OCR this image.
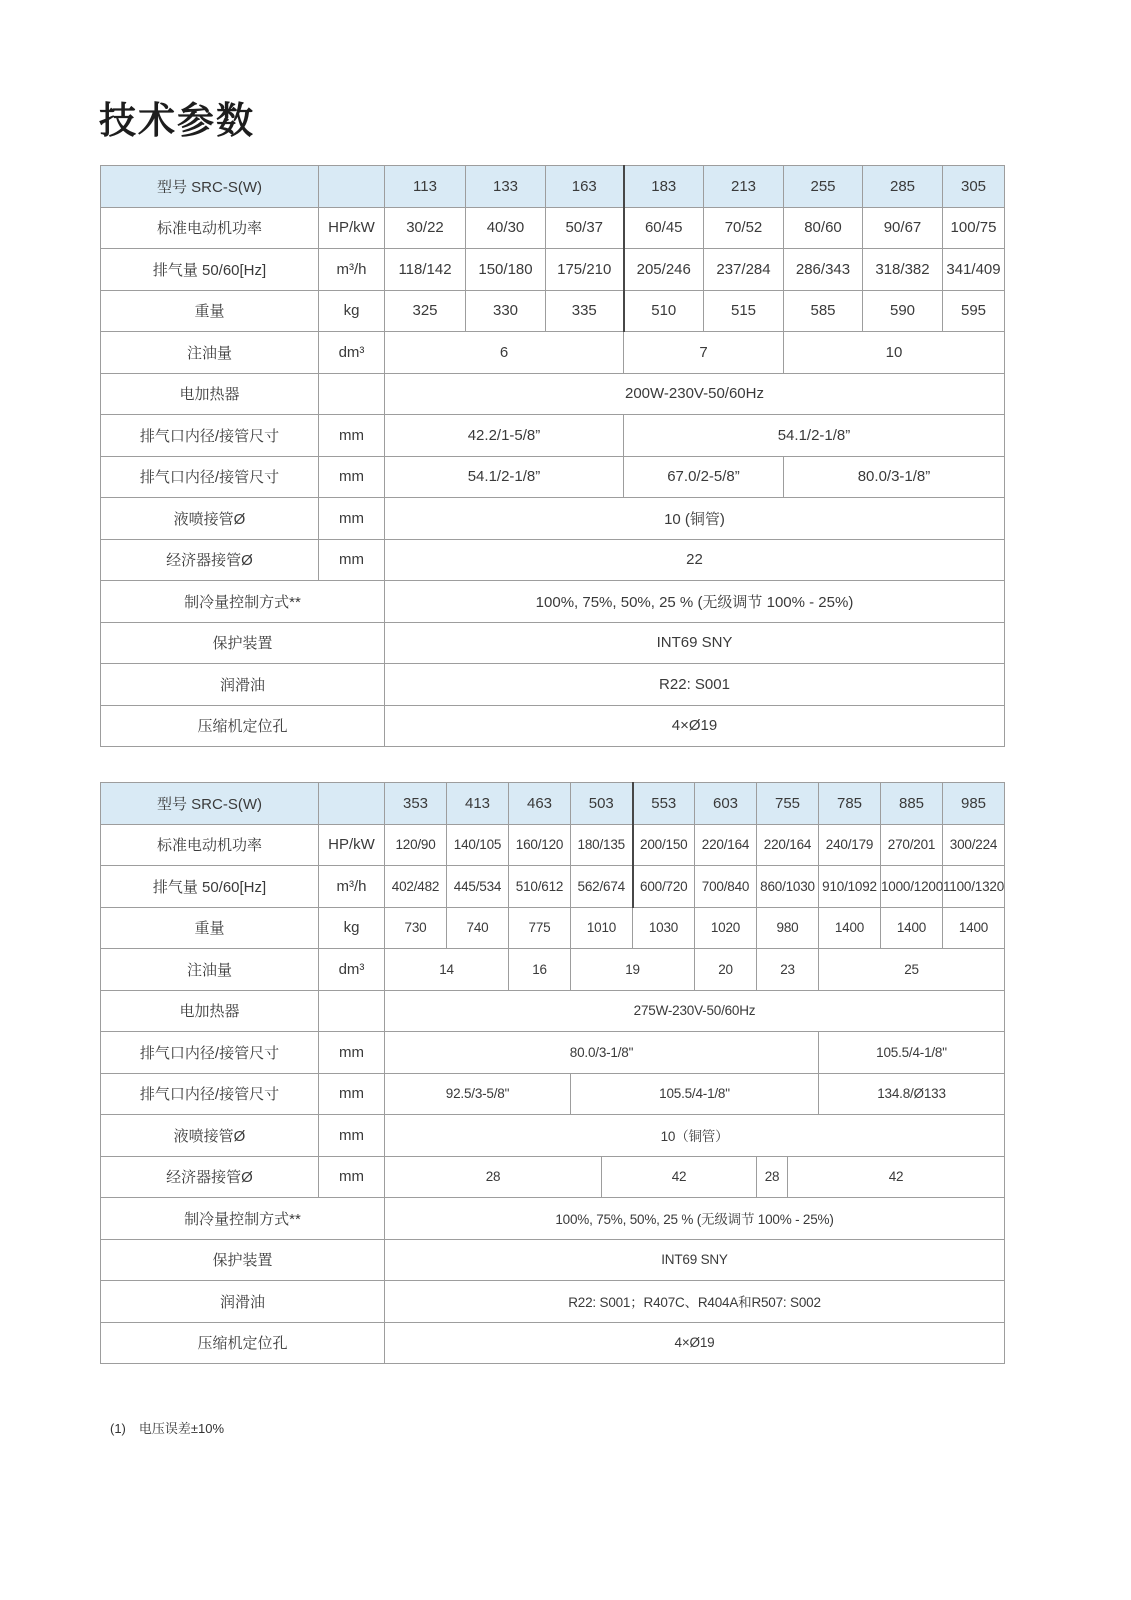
技术参数
型号 SRC-S(W)		113	133	163	183	213	255	285	305
标准电动机功率	HP/kW	30/22	40/30	50/37	60/45	70/52	80/60	90/67	100/75
排气量 50/60[Hz]	m³/h	118/142	150/180	175/210	205/246	237/284	286/343	318/382	341/409
重量	kg	325	330	335	510	515	585	590	595
注油量	dm³	6			7		10		
电加热器		200W-230V-50/60Hz							
排气口内径/接管尺寸	mm	42.2/1-5/8”			54.1/2-1/8”				
排气口内径/接管尺寸	mm	54.1/2-1/8”			67.0/2-5/8”		80.0/3-1/8”		
液喷接管Ø	mm	10 (铜管)							
经济器接管Ø	mm	22							
制冷量控制方式**		100%, 75%, 50%, 25 % (无级调节 100% - 25%)							
保护装置		INT69 SNY							
润滑油		R22: S001							
压缩机定位孔		4×Ø19							
型号 SRC-S(W)		353	413	463	503		553	603	755		785	885	985
标准电动机功率	HP/kW	120/90	140/105	160/120	180/135		200/150	220/164	220/164		240/179	270/201	300/224
排气量 50/60[Hz]	m³/h	402/482	445/534	510/612	562/674		600/720	700/840	860/1030		910/1092	1000/1200	1100/1320
重量	kg	730	740	775	1010		1030	1020	980		1400	1400	1400
注油量	dm³	14		16	19			20	23		25		
电加热器		275W-230V-50/60Hz											
排气口内径/接管尺寸	mm	80.0/3-1/8"									105.5/4-1/8"		
排气口内径/接管尺寸	mm	92.5/3-5/8"			105.5/4-1/8"						134.8/Ø133		
液喷接管Ø	mm	10（铜管）											
经济器接管Ø	mm	28				42			28	42			
制冷量控制方式**		100%, 75%, 50%, 25 % (无级调节 100% - 25%)											
保护装置		INT69 SNY											
润滑油		R22: S001；R407C、R404A和R507: S002											
压缩机定位孔		4×Ø19											
(1)　电压误差±10%
